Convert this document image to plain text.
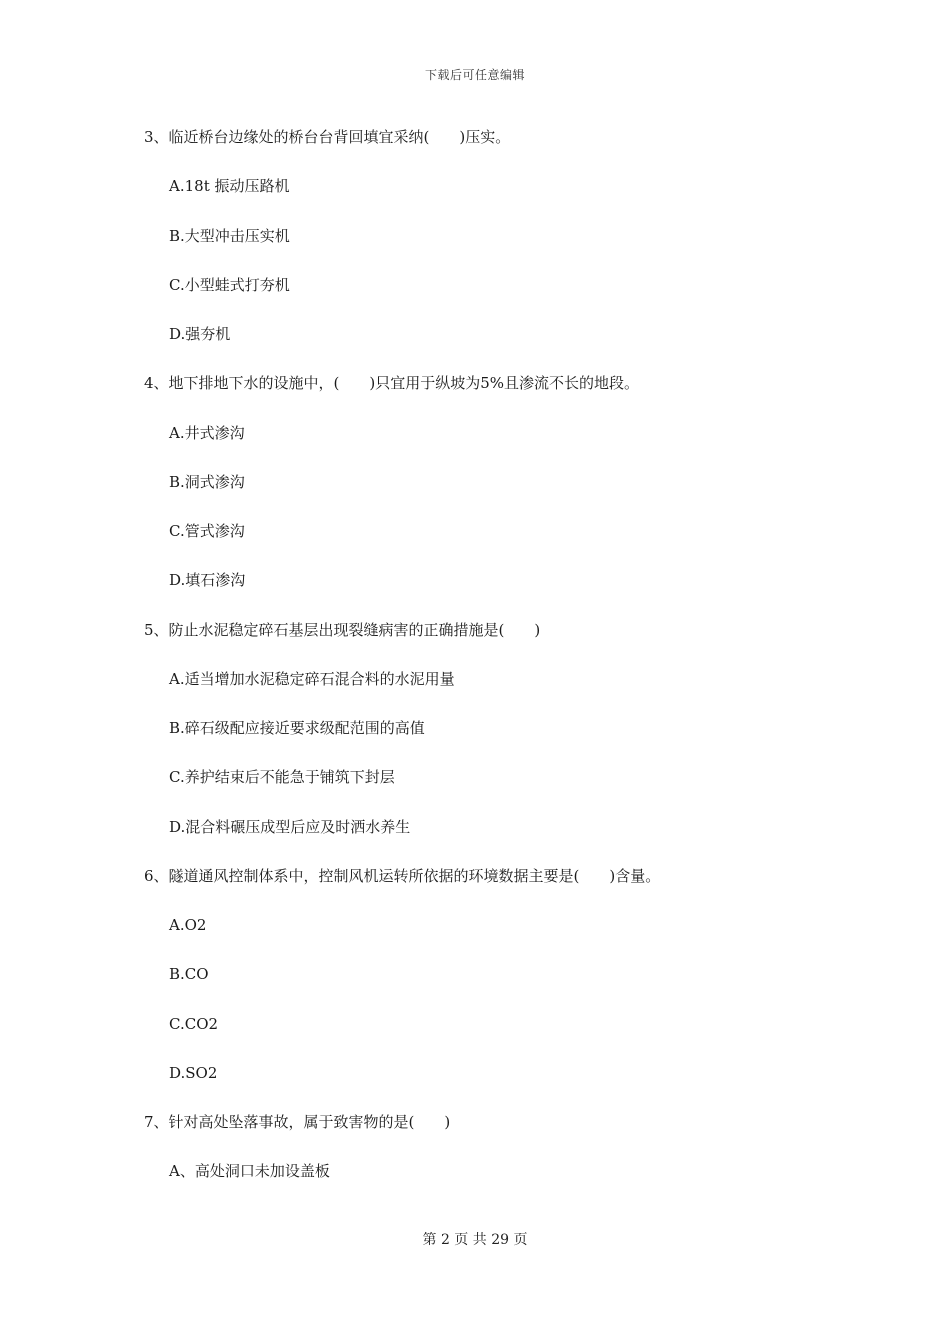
下载后可任意编辑
3、临近桥台边缘处的桥台台背回填宜采纳(　　)压实。
A.18t 振动压路机
B.大型冲击压实机
C.小型蛙式打夯机
D.强夯机
4、地下排地下水的设施中，(　　)只宜用于纵坡为5%且渗流不长的地段。
A.井式渗沟
B.洞式渗沟
C.管式渗沟
D.填石渗沟
5、防止水泥稳定碎石基层出现裂缝病害的正确措施是(　　)
A.适当增加水泥稳定碎石混合料的水泥用量
B.碎石级配应接近要求级配范围的高值
C.养护结束后不能急于铺筑下封层
D.混合料碾压成型后应及时洒水养生
6、隧道通风控制体系中，控制风机运转所依据的环境数据主要是(　　)含量。
A.O2
B.CO
C.CO2
D.SO2
7、针对高处坠落事故，属于致害物的是(　　)
A、高处洞口未加设盖板
第 2 页 共 29 页
